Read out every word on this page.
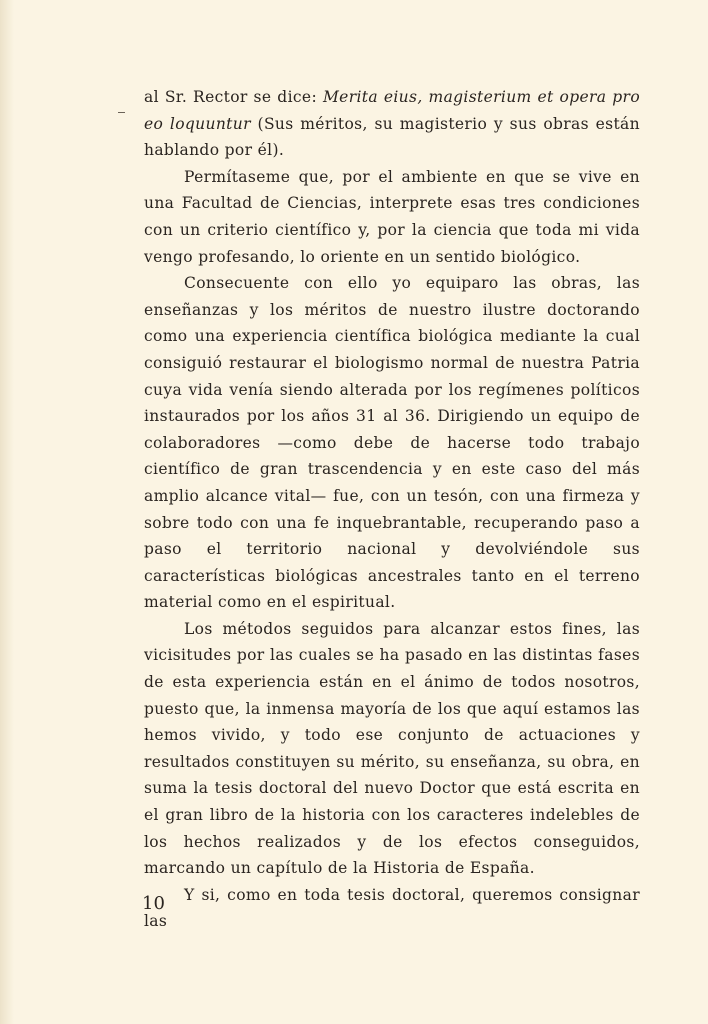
al Sr. Rector se dice: Merita eius, magisterium et opera pro eo loquuntur (Sus méritos, su magisterio y sus obras están hablando por él).

Permítaseme que, por el ambiente en que se vive en una Facultad de Ciencias, interprete esas tres condiciones con un criterio científico y, por la ciencia que toda mi vida vengo profesando, lo oriente en un sentido biológico.

Consecuente con ello yo equiparo las obras, las enseñanzas y los méritos de nuestro ilustre doctorando como una experiencia científica biológica mediante la cual consiguió restaurar el biologismo normal de nuestra Patria cuya vida venía siendo alterada por los regímenes políticos instaurados por los años 31 al 36. Dirigiendo un equipo de colaboradores —como debe de hacerse todo trabajo científico de gran trascendencia y en este caso del más amplio alcance vital— fue, con un tesón, con una firmeza y sobre todo con una fe inquebrantable, recuperando paso a paso el territorio nacional y devolviéndole sus características biológicas ancestrales tanto en el terreno material como en el espiritual.

Los métodos seguidos para alcanzar estos fines, las vicisitudes por las cuales se ha pasado en las distintas fases de esta experiencia están en el ánimo de todos nosotros, puesto que, la inmensa mayoría de los que aquí estamos las hemos vivido, y todo ese conjunto de actuaciones y resultados constituyen su mérito, su enseñanza, su obra, en suma la tesis doctoral del nuevo Doctor que está escrita en el gran libro de la historia con los caracteres indelebles de los hechos realizados y de los efectos conseguidos, marcando un capítulo de la Historia de España.

Y si, como en toda tesis doctoral, queremos consignar las

10
